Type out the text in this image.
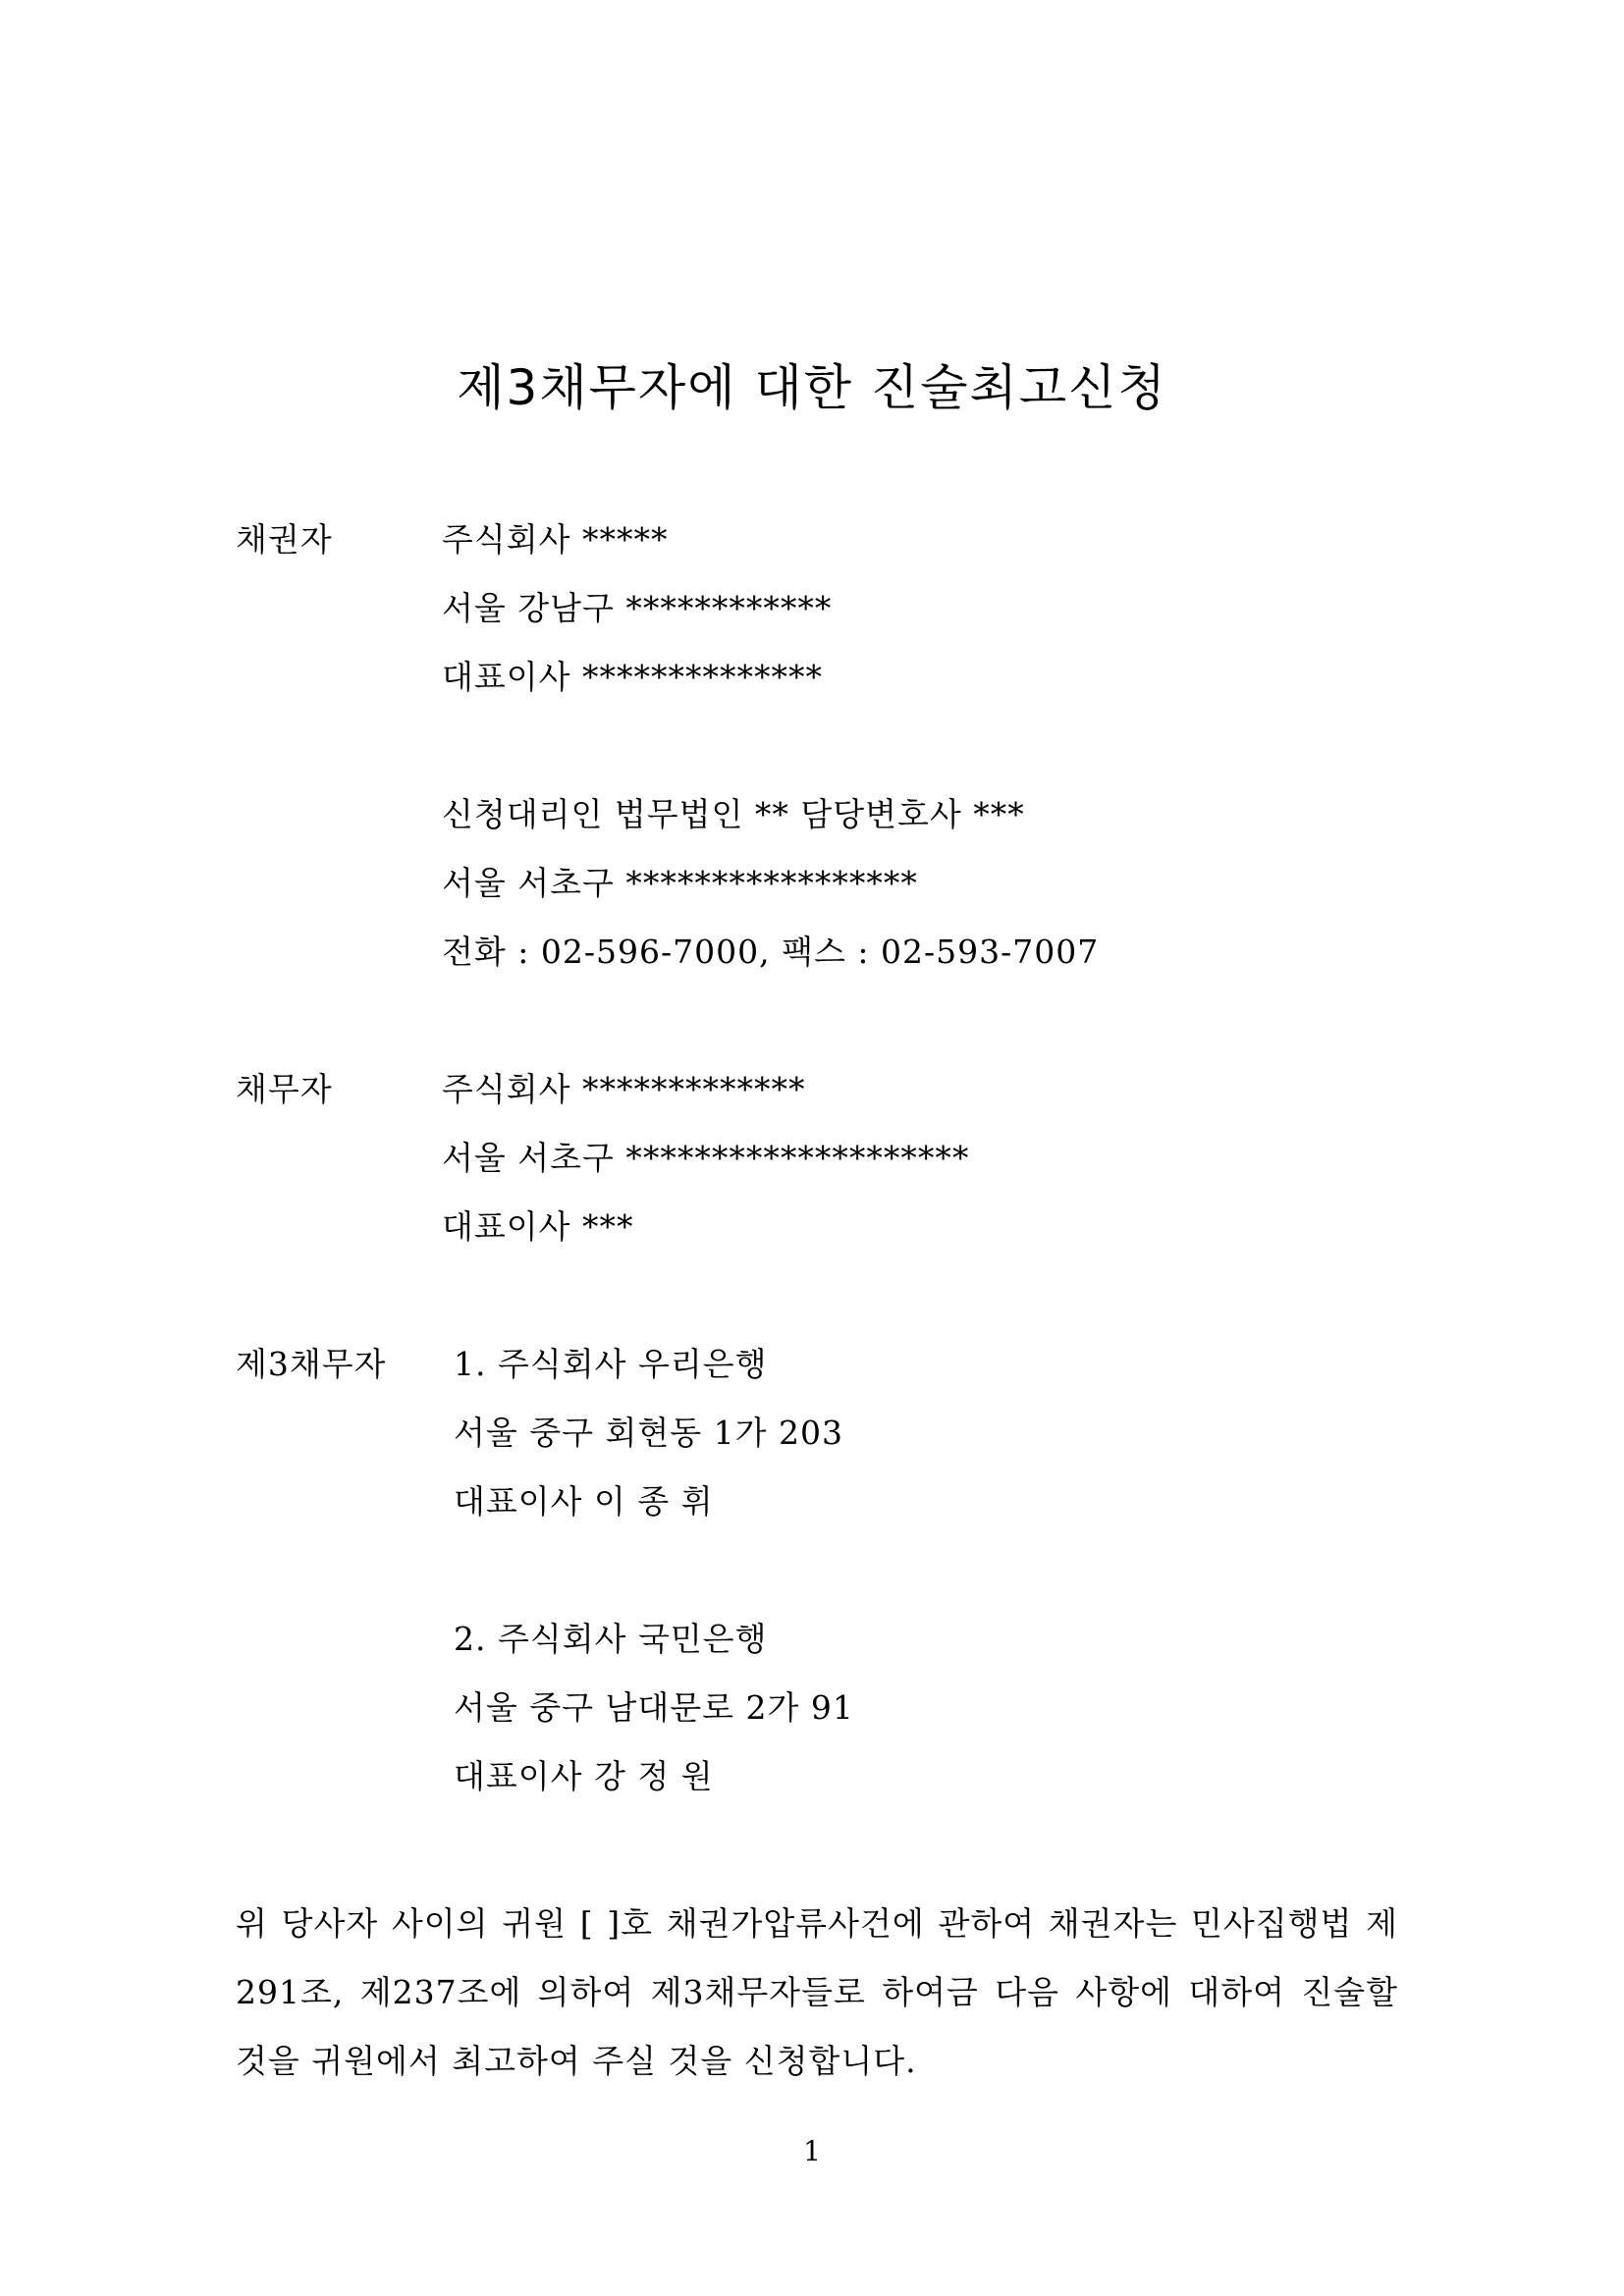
제3채무자에 대한 진술최고신청
채권자	주식회사 *****
서울 강남구 ************
대표이사 **************
신청대리인 법무법인 ** 담당변호사 ***
서울 서초구 *****************
전화 : 02-596-7000, 팩스 : 02-593-7007
채무자	주식회사 *************
서울 서초구 ********************
대표이사 ***
제3채무자 1. 주식회사 우리은행
서울 중구 회현동 1가 203
대표이사 이 종 휘
2. 주식회사 국민은행
서울 중구 남대문로 2가 91
대표이사 강 정 원
위 당사자 사이의 귀원 [ ]호 채권가압류사건에 관하여 채권자는 민사집행법 제291조, 제237조에 의하여 제3채무자들로 하여금 다음 사항에 대하여 진술할 것을 귀원에서 최고하여 주실 것을 신청합니다.
1
